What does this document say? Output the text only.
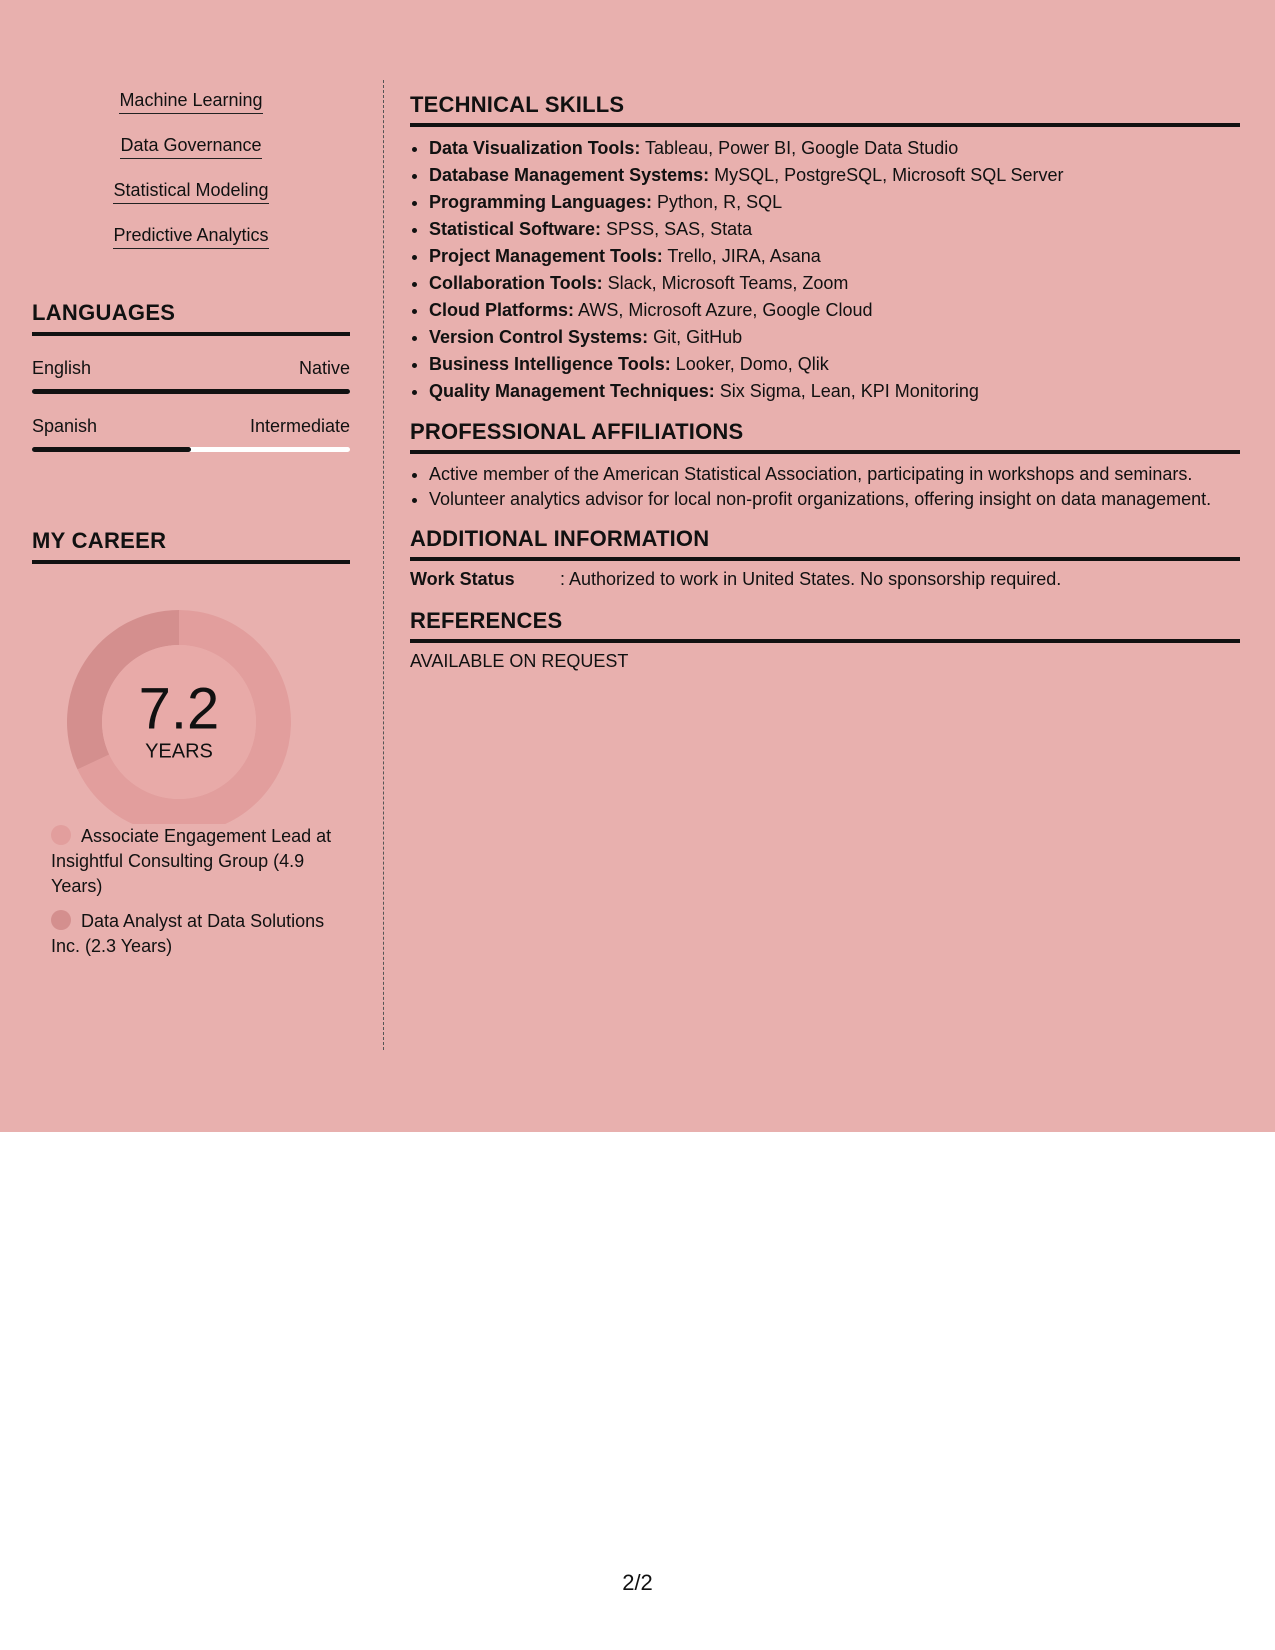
Machine Learning
Data Governance
Statistical Modeling
Predictive Analytics
LANGUAGES
English	Native
Spanish	Intermediate
MY CAREER
7.2
YEARS
Associate Engagement Lead at Insightful Consulting Group (4.9 Years)
Data Analyst at Data Solutions Inc. (2.3 Years)
TECHNICAL SKILLS
• Data Visualization Tools: Tableau, Power BI, Google Data Studio
• Database Management Systems: MySQL, PostgreSQL, Microsoft SQL Server
• Programming Languages: Python, R, SQL
• Statistical Software: SPSS, SAS, Stata
• Project Management Tools: Trello, JIRA, Asana
• Collaboration Tools: Slack, Microsoft Teams, Zoom
• Cloud Platforms: AWS, Microsoft Azure, Google Cloud
• Version Control Systems: Git, GitHub
• Business Intelligence Tools: Looker, Domo, Qlik
• Quality Management Techniques: Six Sigma, Lean, KPI Monitoring
PROFESSIONAL AFFILIATIONS
• Active member of the American Statistical Association, participating in workshops and seminars.
• Volunteer analytics advisor for local non-profit organizations, offering insight on data management.
ADDITIONAL INFORMATION
Work Status	: Authorized to work in United States. No sponsorship required.
REFERENCES
AVAILABLE ON REQUEST
2/2
